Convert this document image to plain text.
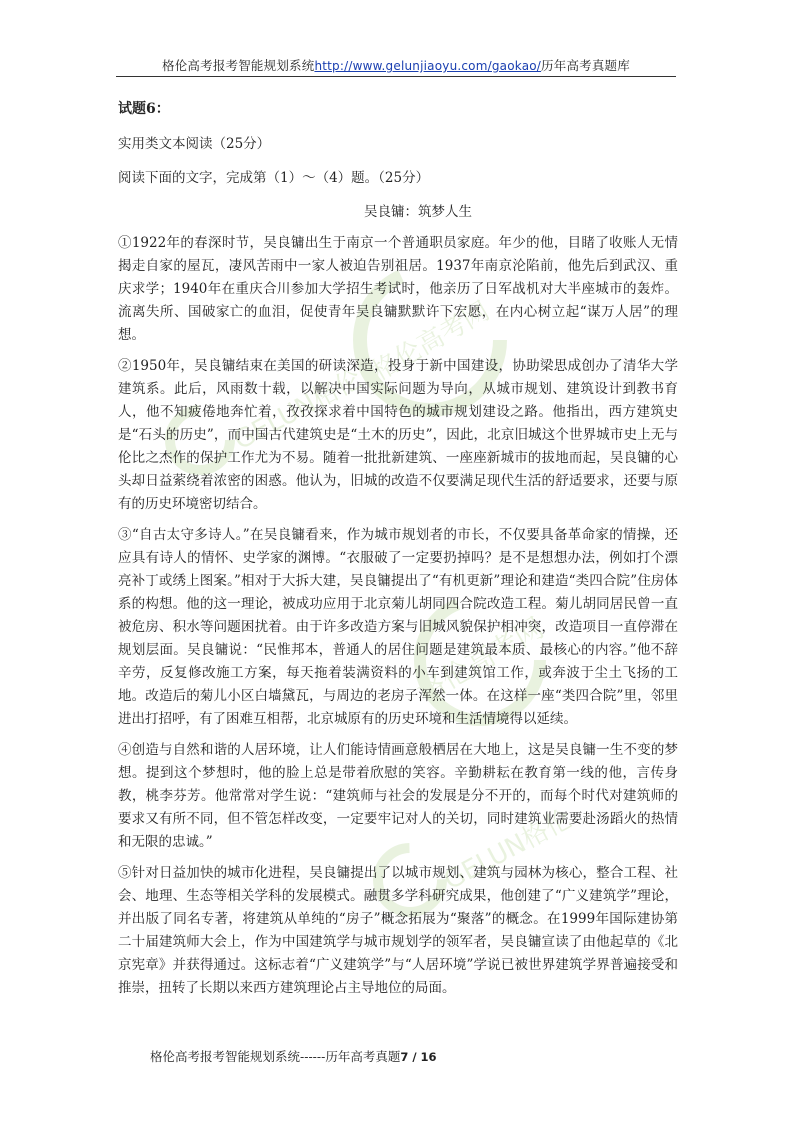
格伦高考报考智能规划系统http://www.gelunjiaoyu.com/gaokao/历年高考真题库
格伦高考网
GELUN格伦
格伦高考网
GELUN格伦

试题6：

实用类文本阅读（25分）

阅读下面的文字，完成第（1）～（4）题。（25分）

吴良镛：筑梦人生

①1922年的春深时节，吴良镛出生于南京一个普通职员家庭。年少的他，目睹了收账人无情揭走自家的屋瓦，凄风苦雨中一家人被迫告别祖居。1937年南京沦陷前，他先后到武汉、重庆求学；1940年在重庆合川参加大学招生考试时，他亲历了日军战机对大半座城市的轰炸。流离失所、国破家亡的血泪，促使青年吴良镛默默许下宏愿，在内心树立起“谋万人居”的理想。

②1950年，吴良镛结束在美国的研读深造，投身于新中国建设，协助梁思成创办了清华大学建筑系。此后，风雨数十载，以解决中国实际问题为导向，从城市规划、建筑设计到教书育人，他不知疲倦地奔忙着，孜孜探求着中国特色的城市规划建设之路。他指出，西方建筑史是“石头的历史”，而中国古代建筑史是“土木的历史”，因此，北京旧城这个世界城市史上无与伦比之杰作的保护工作尤为不易。随着一批批新建筑、一座座新城市的拔地而起，吴良镛的心头却日益萦绕着浓密的困惑。他认为，旧城的改造不仅要满足现代生活的舒适要求，还要与原有的历史环境密切结合。

③“自古太守多诗人。”在吴良镛看来，作为城市规划者的市长，不仅要具备革命家的情操，还应具有诗人的情怀、史学家的渊博。“衣服破了一定要扔掉吗？是不是想想办法，例如打个漂亮补丁或绣上图案。”相对于大拆大建，吴良镛提出了“有机更新”理论和建造“类四合院”住房体系的构想。他的这一理论，被成功应用于北京菊儿胡同四合院改造工程。菊儿胡同居民曾一直被危房、积水等问题困扰着。由于许多改造方案与旧城风貌保护相冲突，改造项目一直停滞在规划层面。吴良镛说：“民惟邦本，普通人的居住问题是建筑最本质、最核心的内容。”他不辞辛劳，反复修改施工方案，每天拖着装满资料的小车到建筑馆工作，或奔波于尘土飞扬的工地。改造后的菊儿小区白墙黛瓦，与周边的老房子浑然一体。在这样一座“类四合院”里，邻里进出打招呼，有了困难互相帮，北京城原有的历史环境和生活情境得以延续。

④创造与自然和谐的人居环境，让人们能诗情画意般栖居在大地上，这是吴良镛一生不变的梦想。提到这个梦想时，他的脸上总是带着欣慰的笑容。辛勤耕耘在教育第一线的他，言传身教，桃李芬芳。他常常对学生说：“建筑师与社会的发展是分不开的，而每个时代对建筑师的要求又有所不同，但不管怎样改变，一定要牢记对人的关切，同时建筑业需要赴汤蹈火的热情和无限的忠诚。”

⑤针对日益加快的城市化进程，吴良镛提出了以城市规划、建筑与园林为核心，整合工程、社会、地理、生态等相关学科的发展模式。融贯多学科研究成果，他创建了“广义建筑学”理论，并出版了同名专著，将建筑从单纯的“房子”概念拓展为“聚落”的概念。在1999年国际建协第二十届建筑师大会上，作为中国建筑学与城市规划学的领军者，吴良镛宣读了由他起草的《北京宪章》并获得通过。这标志着“广义建筑学”与“人居环境”学说已被世界建筑学界普遍接受和推崇，扭转了长期以来西方建筑理论占主导地位的局面。

格伦高考报考智能规划系统------历年高考真题7 / 16
